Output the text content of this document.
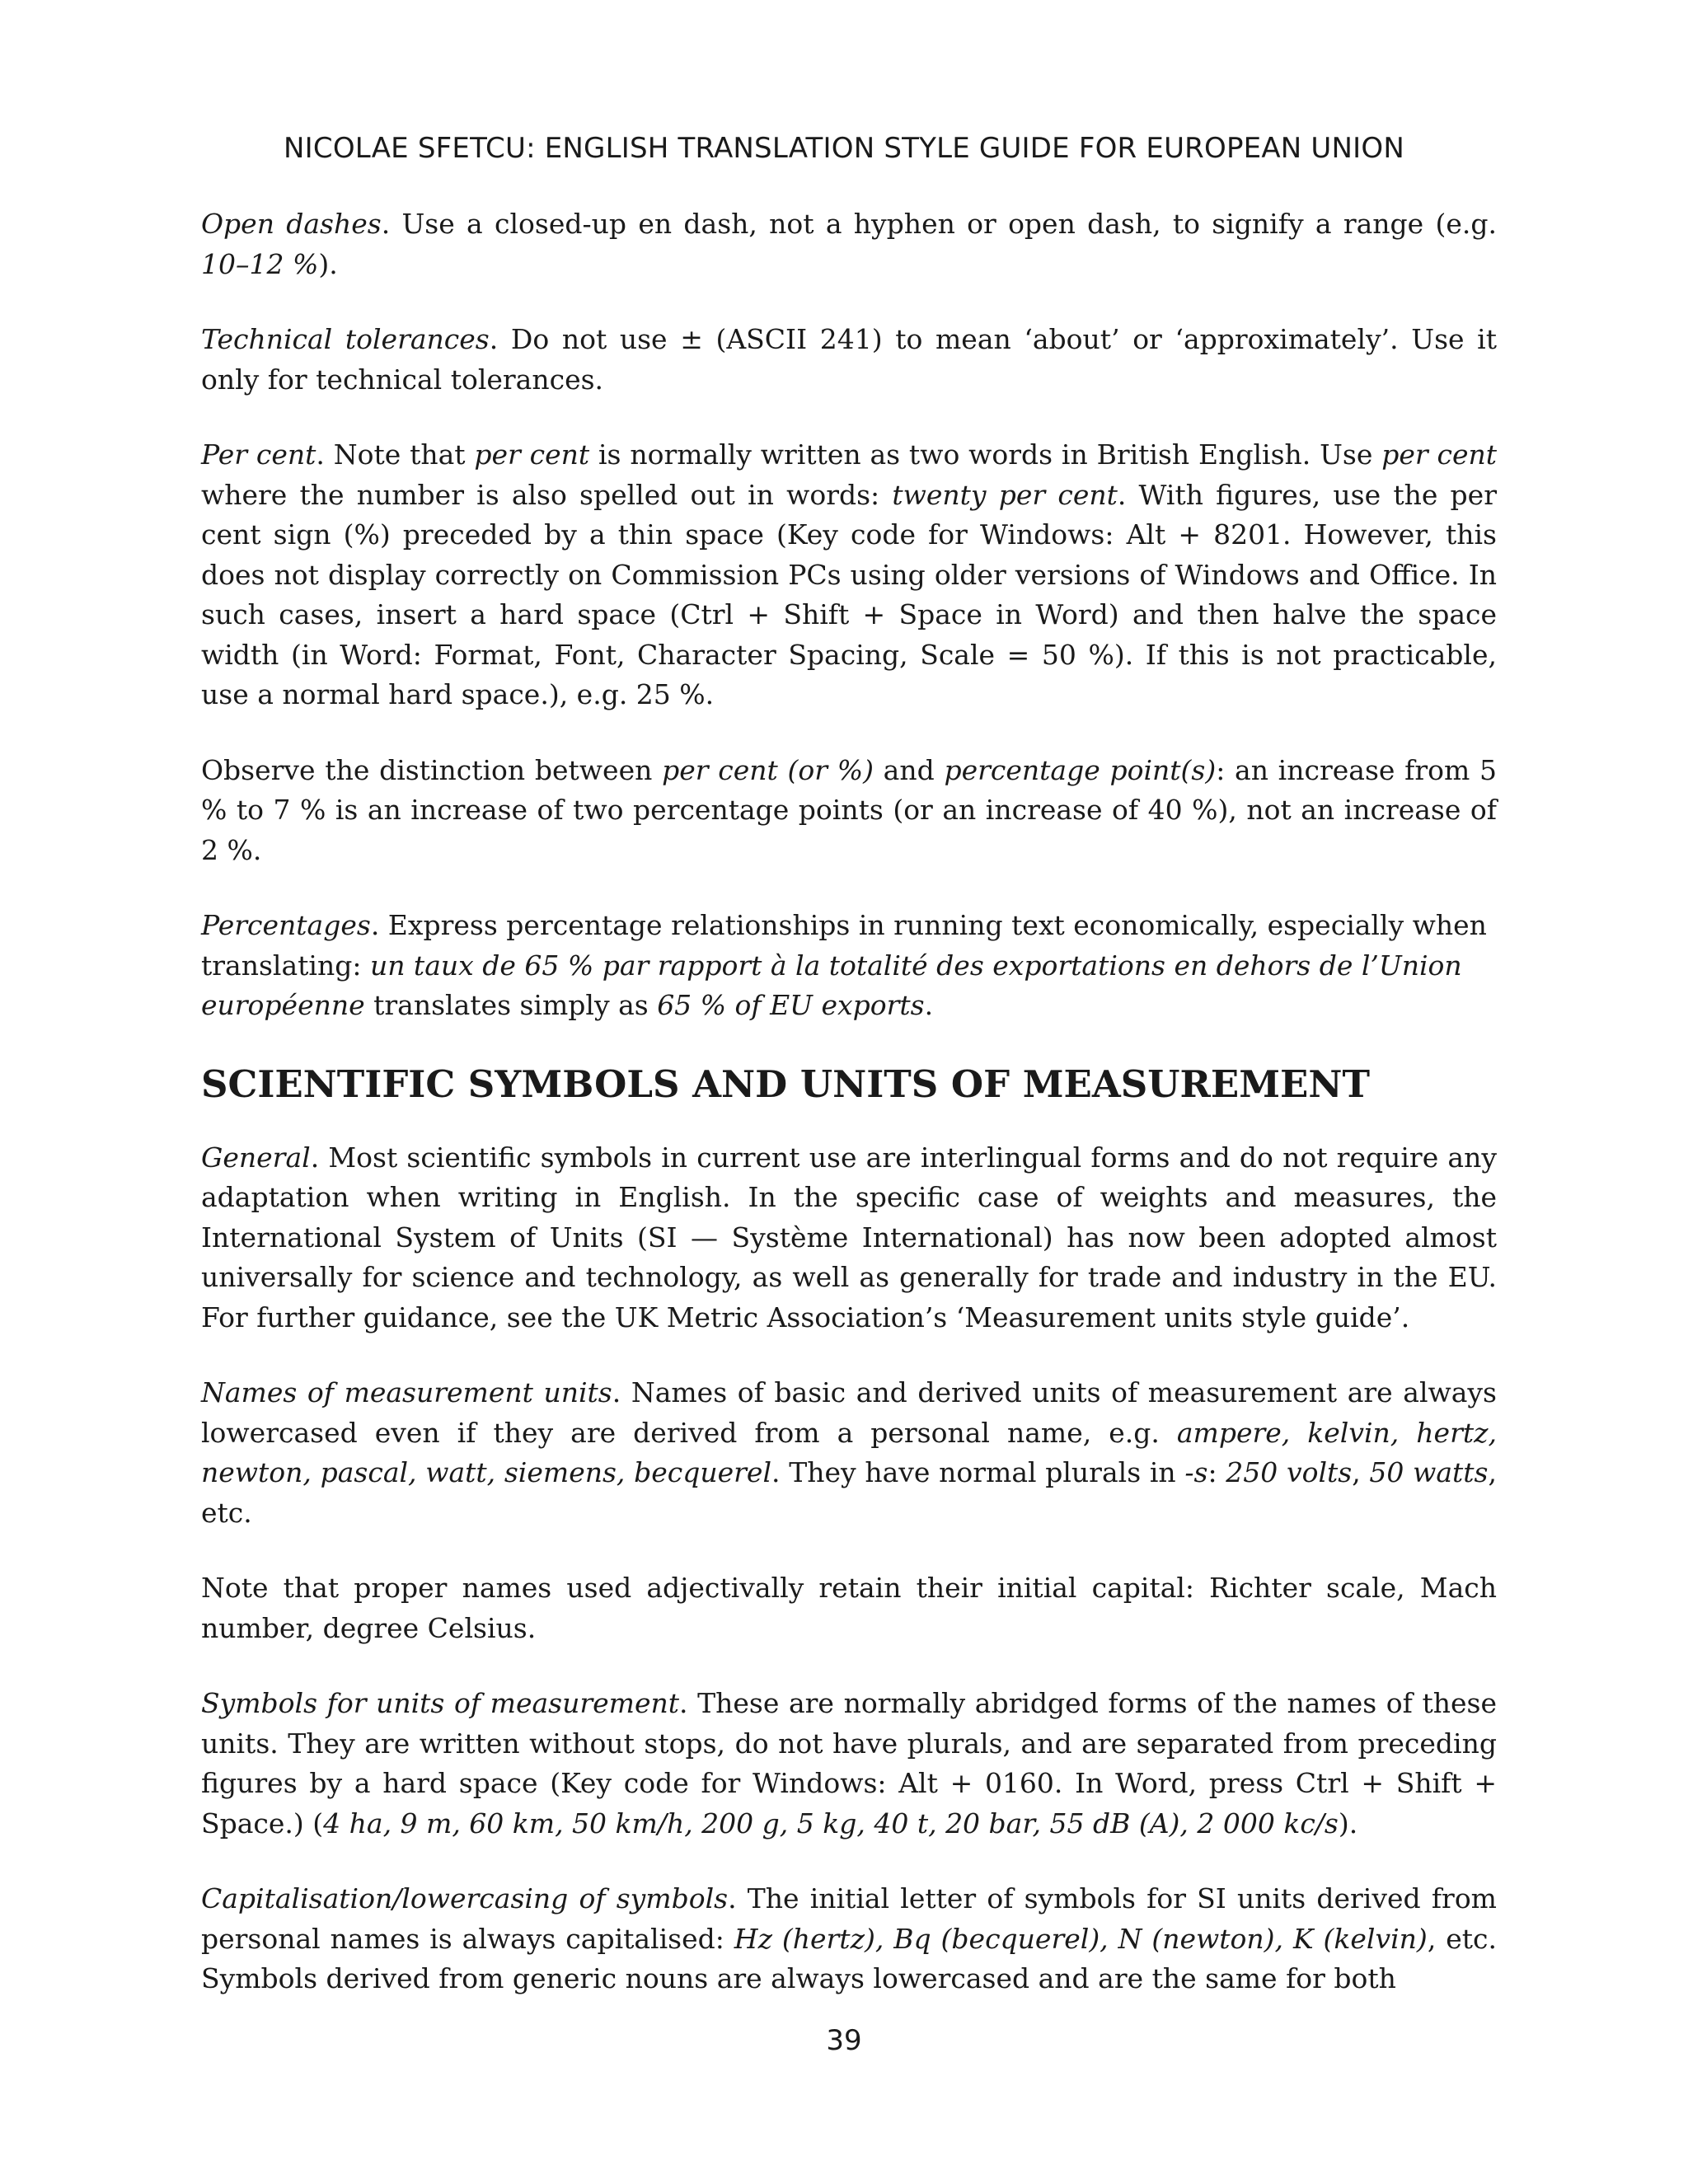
NICOLAE SFETCU: ENGLISH TRANSLATION STYLE GUIDE FOR EUROPEAN UNION

Open dashes. Use a closed-up en dash, not a hyphen or open dash, to signify a range (e.g. 10–12 %).

Technical tolerances. Do not use ± (ASCII 241) to mean ‘about’ or ‘approximately’. Use it only for technical tolerances.

Per cent. Note that per cent is normally written as two words in British English. Use per cent where the number is also spelled out in words: twenty per cent. With figures, use the per cent sign (%) preceded by a thin space (Key code for Windows: Alt + 8201. However, this does not display correctly on Commission PCs using older versions of Windows and Office. In such cases, insert a hard space (Ctrl + Shift + Space in Word) and then halve the space width (in Word: Format, Font, Character Spacing, Scale = 50 %). If this is not practicable, use a normal hard space.), e.g. 25 %.

Observe the distinction between per cent (or %) and percentage point(s): an increase from 5 % to 7 % is an increase of two percentage points (or an increase of 40 %), not an increase of 2 %.

Percentages. Express percentage relationships in running text economically, especially when translating: un taux de 65 % par rapport à la totalité des exportations en dehors de l’Union européenne translates simply as 65 % of EU exports.

SCIENTIFIC SYMBOLS AND UNITS OF MEASUREMENT

General. Most scientific symbols in current use are interlingual forms and do not require any adaptation when writing in English. In the specific case of weights and measures, the International System of Units (SI — Système International) has now been adopted almost universally for science and technology, as well as generally for trade and industry in the EU. For further guidance, see the UK Metric Association’s ‘Measurement units style guide’.

Names of measurement units. Names of basic and derived units of measurement are always lowercased even if they are derived from a personal name, e.g. ampere, kelvin, hertz, newton, pascal, watt, siemens, becquerel. They have normal plurals in -s: 250 volts, 50 watts, etc.

Note that proper names used adjectivally retain their initial capital: Richter scale, Mach number, degree Celsius.

Symbols for units of measurement. These are normally abridged forms of the names of these units. They are written without stops, do not have plurals, and are separated from preceding figures by a hard space (Key code for Windows: Alt + 0160. In Word, press Ctrl + Shift + Space.) (4 ha, 9 m, 60 km, 50 km/h, 200 g, 5 kg, 40 t, 20 bar, 55 dB (A), 2 000 kc/s).

Capitalisation/lowercasing of symbols. The initial letter of symbols for SI units derived from personal names is always capitalised: Hz (hertz), Bq (becquerel), N (newton), K (kelvin), etc. Symbols derived from generic nouns are always lowercased and are the same for both

39
